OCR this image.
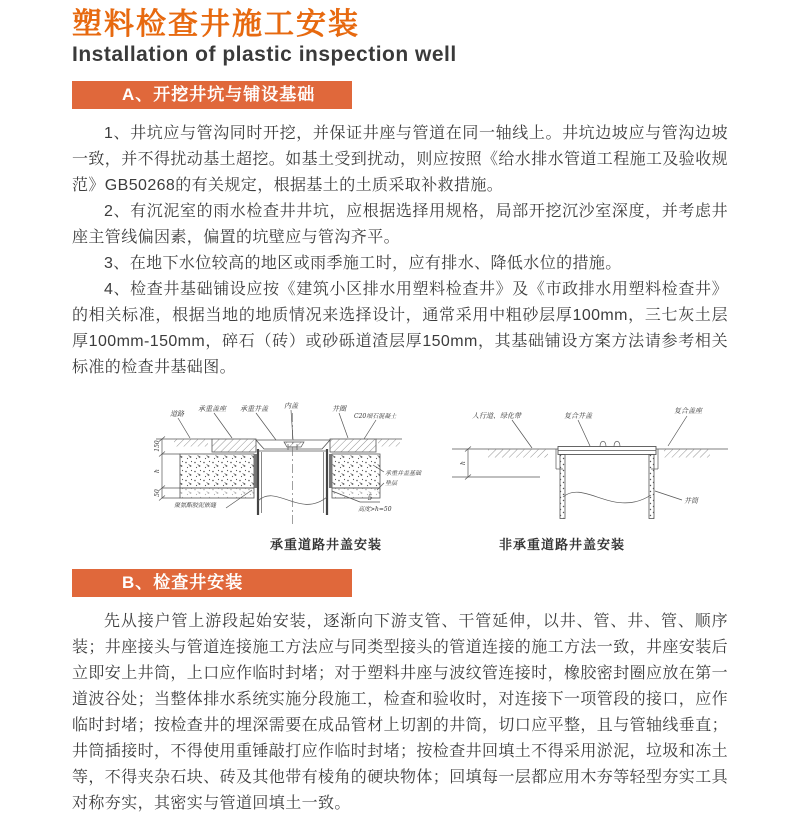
塑料检查井施工安装
Installation of plastic inspection well
A、开挖井坑与铺设基础

1、井坑应与管沟同时开挖，并保证井座与管道在同一轴线上。井坑边坡应与管沟边坡一致，并不得扰动基土超挖。如基土受到扰动，则应按照《给水排水管道工程施工及验收规范》GB50268的有关规定，根据基土的土质采取补救措施。

2、有沉泥室的雨水检查井井坑，应根据选择用规格，局部开挖沉沙室深度，并考虑井座主管线偏因素，偏置的坑壁应与管沟齐平。

3、在地下水位较高的地区或雨季施工时，应有排水、降低水位的措施。

4、检查井基础铺设应按《建筑小区排水用塑料检查井》及《市政排水用塑料检查井》的相关标准，根据当地的地质情况来选择设计，通常采用中粗砂层厚100mm，三七灰土层厚100mm-150mm，碎石（砖）或砂砾道渣层厚150mm，其基础铺设方案方法请参考相关标准的检查井基础图。

150
h
50
道路
承重盖座 承重井盖 内盖	井圈
C20细石混凝土
承重井盖基础
垫层
5
高度>h=50
聚氨酯胶泥嵌缝
承重道路井盖安装
h
人行道、绿化带	复合井盖
复合盖座
井筒
非承重道路井盖安装
B、检查井安装

先从接户管上游段起始安装，逐渐向下游支管、干管延伸，以井、管、井、管、顺序装；井座接头与管道连接施工方法应与同类型接头的管道连接的施工方法一致，井座安装后立即安上井筒，上口应作临时封堵；对于塑料井座与波纹管连接时，橡胶密封圈应放在第一道波谷处；当整体排水系统实施分段施工，检查和验收时，对连接下一项管段的接口，应作临时封堵；按检查井的埋深需要在成品管材上切割的井筒，切口应平整，且与管轴线垂直；井筒插接时，不得使用重锤敲打应作临时封堵；按检查井回填土不得采用淤泥，垃圾和冻土等，不得夹杂石块、砖及其他带有棱角的硬块物体；回填每一层都应用木夯等轻型夯实工具对称夯实，其密实与管道回填土一致。
